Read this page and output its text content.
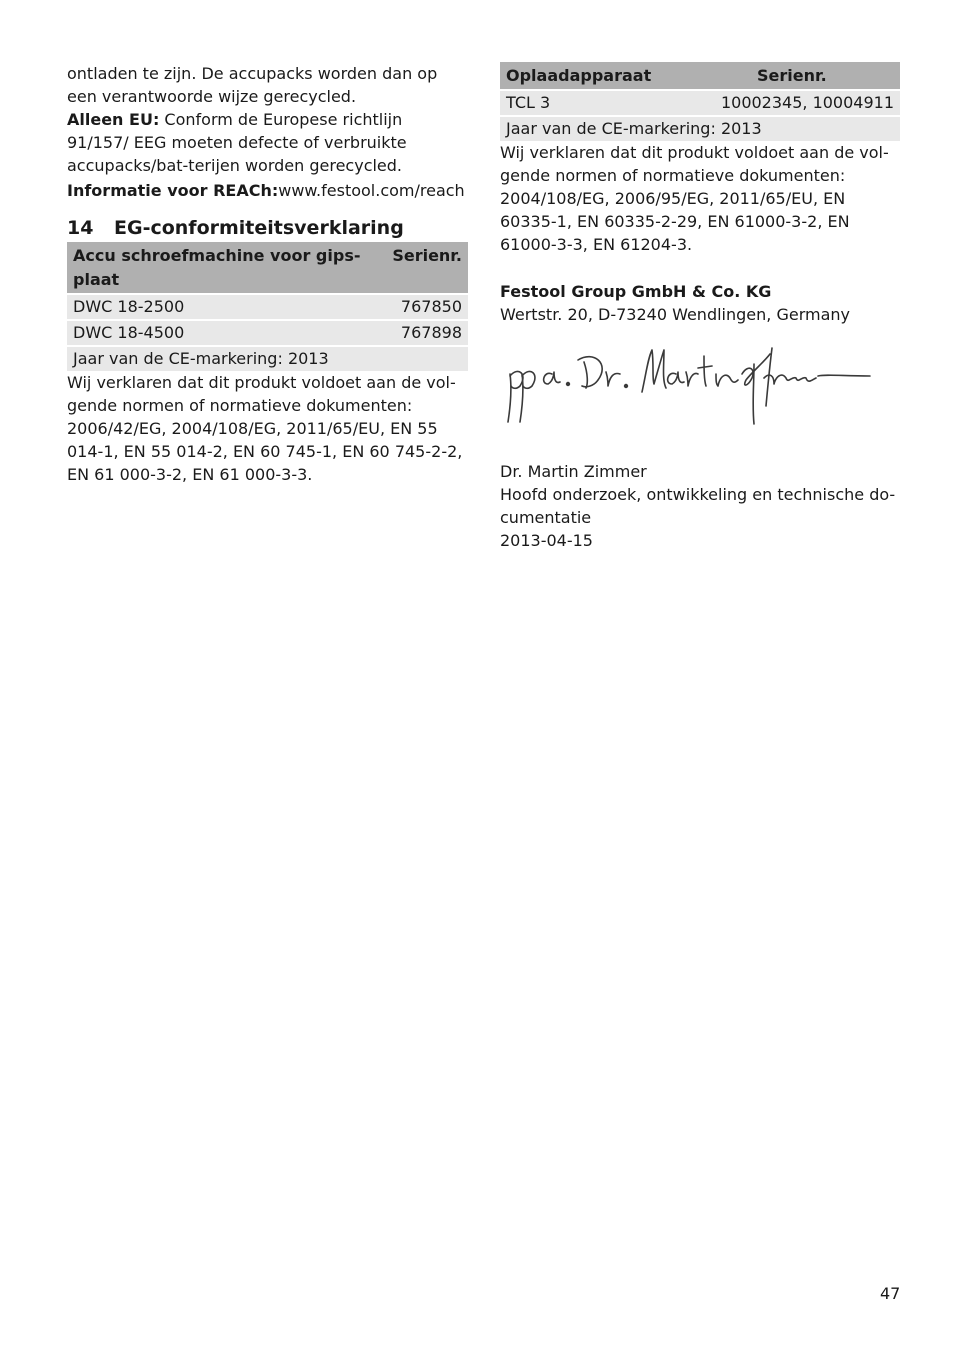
ontladen te zijn. De accupacks worden dan op een verantwoorde wijze gerecycled.

Alleen EU: Conform de Europese richtlijn 91/157/ EEG moeten defecte of verbruikte accupacks/bat-terijen worden gerecycled.

Informatie voor REACh:www.festool.com/reach

14 EG-conformiteitsverklaring
Accu schroefmachine voor gips-plaat	Serienr.
DWC 18-2500	767850
DWC 18-4500	767898
Jaar van de CE-markering: 2013	

Wij verklaren dat dit produkt voldoet aan de vol-gende normen of normatieve dokumenten: 2006/42/EG, 2004/108/EG, 2011/65/EU, EN 55 014-1, EN 55 014-2, EN 60 745-1, EN 60 745-2-2, EN 61 000-3-2, EN 61 000-3-3.

Oplaadapparaat	Serienr.
TCL 3	10002345, 10004911
Jaar van de CE-markering: 2013	

Wij verklaren dat dit produkt voldoet aan de vol-gende normen of normatieve dokumenten: 2004/108/EG, 2006/95/EG, 2011/65/EU, EN 60335-1, EN 60335-2-29, EN 61000-3-2, EN 61000-3-3, EN 61204-3.

Festool Group GmbH & Co. KG

Wertstr. 20, D-73240 Wendlingen, Germany

Dr. Martin Zimmer

Hoofd onderzoek, ontwikkeling en technische do-cumentatie

2013-04-15

47
